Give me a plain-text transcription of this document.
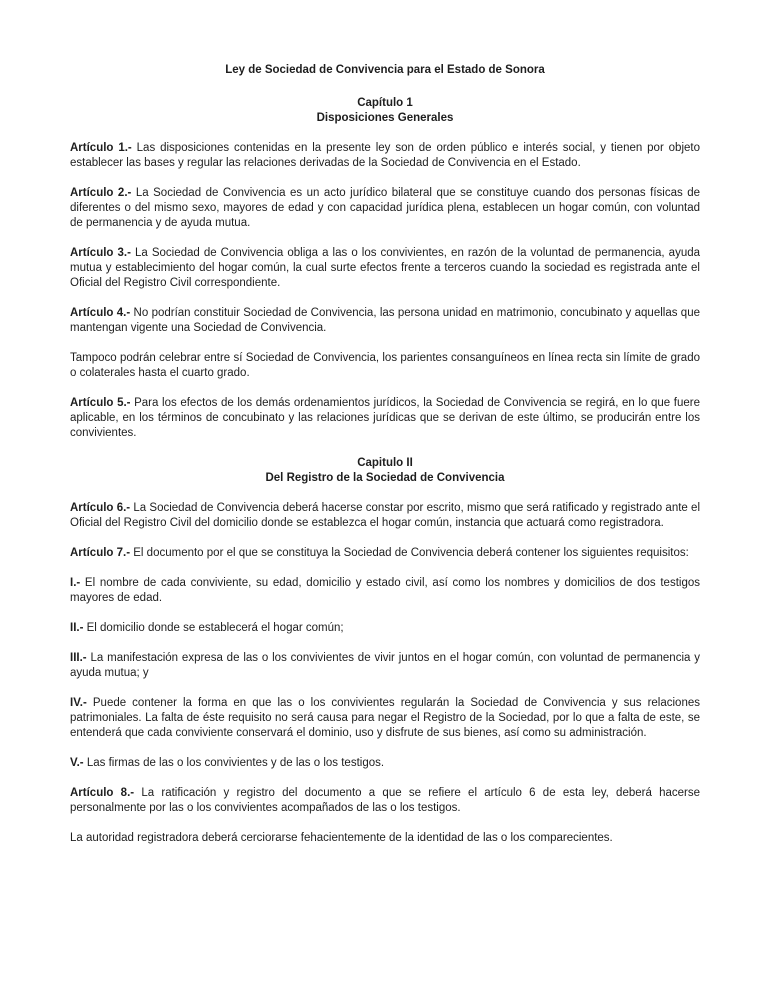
Ley de Sociedad de Convivencia para el Estado de Sonora
Capítulo 1
Disposiciones Generales

Artículo 1.- Las disposiciones contenidas en la presente ley son de orden público e interés social, y tienen por objeto establecer las bases y regular las relaciones derivadas de la Sociedad de Convivencia en el Estado.

Artículo 2.- La Sociedad de Convivencia es un acto jurídico bilateral que se constituye cuando dos personas físicas de diferentes o del mismo sexo, mayores de edad y con capacidad jurídica plena, establecen un hogar común, con voluntad de permanencia y de ayuda mutua.

Artículo 3.- La Sociedad de Convivencia obliga a las o los convivientes, en razón de la voluntad de permanencia, ayuda mutua y establecimiento del hogar común, la cual surte efectos frente a terceros cuando la sociedad es registrada ante el Oficial del Registro Civil correspondiente.

Artículo 4.- No podrían constituir Sociedad de Convivencia, las persona unidad en matrimonio, concubinato y aquellas que mantengan vigente una Sociedad de Convivencia.

Tampoco podrán celebrar entre sí Sociedad de Convivencia, los parientes consanguíneos en línea recta sin límite de grado o colaterales hasta el cuarto grado.

Artículo 5.- Para los efectos de los demás ordenamientos jurídicos, la Sociedad de Convivencia se regirá, en lo que fuere aplicable, en los términos de concubinato y las relaciones jurídicas que se derivan de este último, se producirán entre los convivientes.

Capitulo II
Del Registro de la Sociedad de Convivencia

Artículo 6.- La Sociedad de Convivencia deberá hacerse constar por escrito, mismo que será ratificado y registrado ante el Oficial del Registro Civil del domicilio donde se establezca el hogar común, instancia que actuará como registradora.

Artículo 7.- El documento por el que se constituya la Sociedad de Convivencia deberá contener los siguientes requisitos:

I.- El nombre de cada conviviente, su edad, domicilio y estado civil, así como los nombres y domicilios de dos testigos mayores de edad.

II.- El domicilio donde se establecerá el hogar común;

III.- La manifestación expresa de las o los convivientes de vivir juntos en el hogar común, con voluntad de permanencia y ayuda mutua; y

IV.- Puede contener la forma en que las o los convivientes regularán la Sociedad de Convivencia y sus relaciones patrimoniales. La falta de éste requisito no será causa para negar el Registro de la Sociedad, por lo que a falta de este, se entenderá que cada conviviente conservará el dominio, uso y disfrute de sus bienes, así como su administración.

V.- Las firmas de las o los convivientes y de las o los testigos.

Artículo 8.- La ratificación y registro del documento a que se refiere el artículo 6 de esta ley, deberá hacerse personalmente por las o los convivientes acompañados de las o los testigos.

La autoridad registradora deberá cerciorarse fehacientemente de la identidad de las o los comparecientes.
